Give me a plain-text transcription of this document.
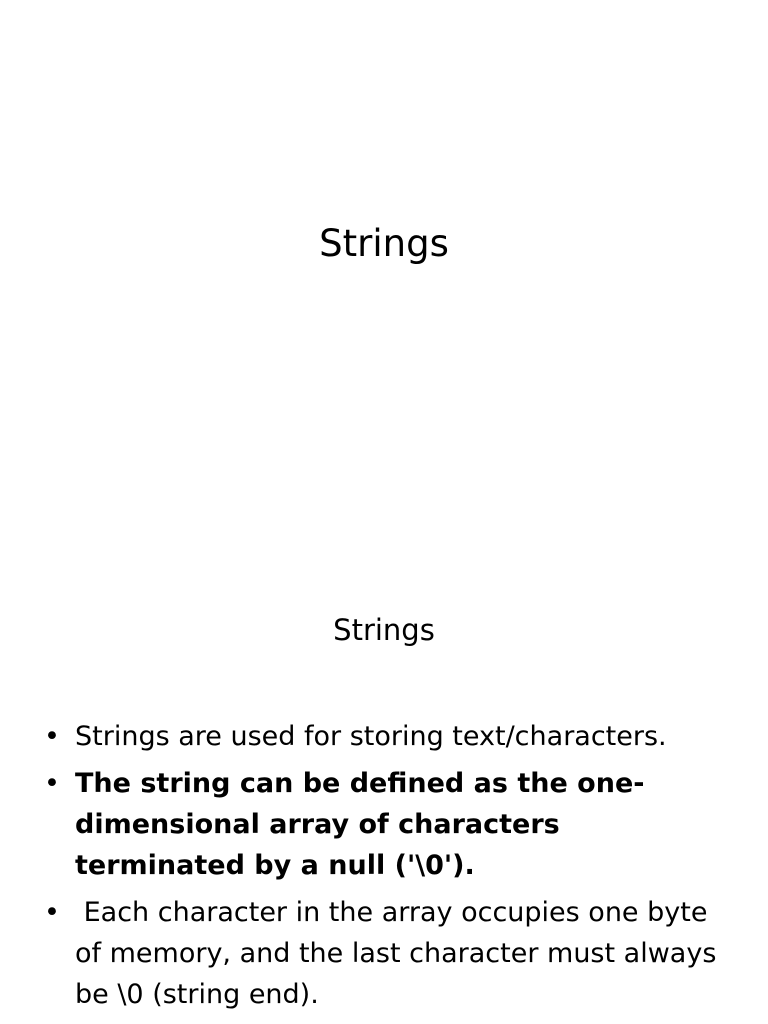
Strings
Strings
• Strings are used for storing text/characters.
• The string can be defined as the one-dimensional array of characters terminated by a null ('\0').
• Each character in the array occupies one byte of memory, and the last character must always be \0 (string end).
